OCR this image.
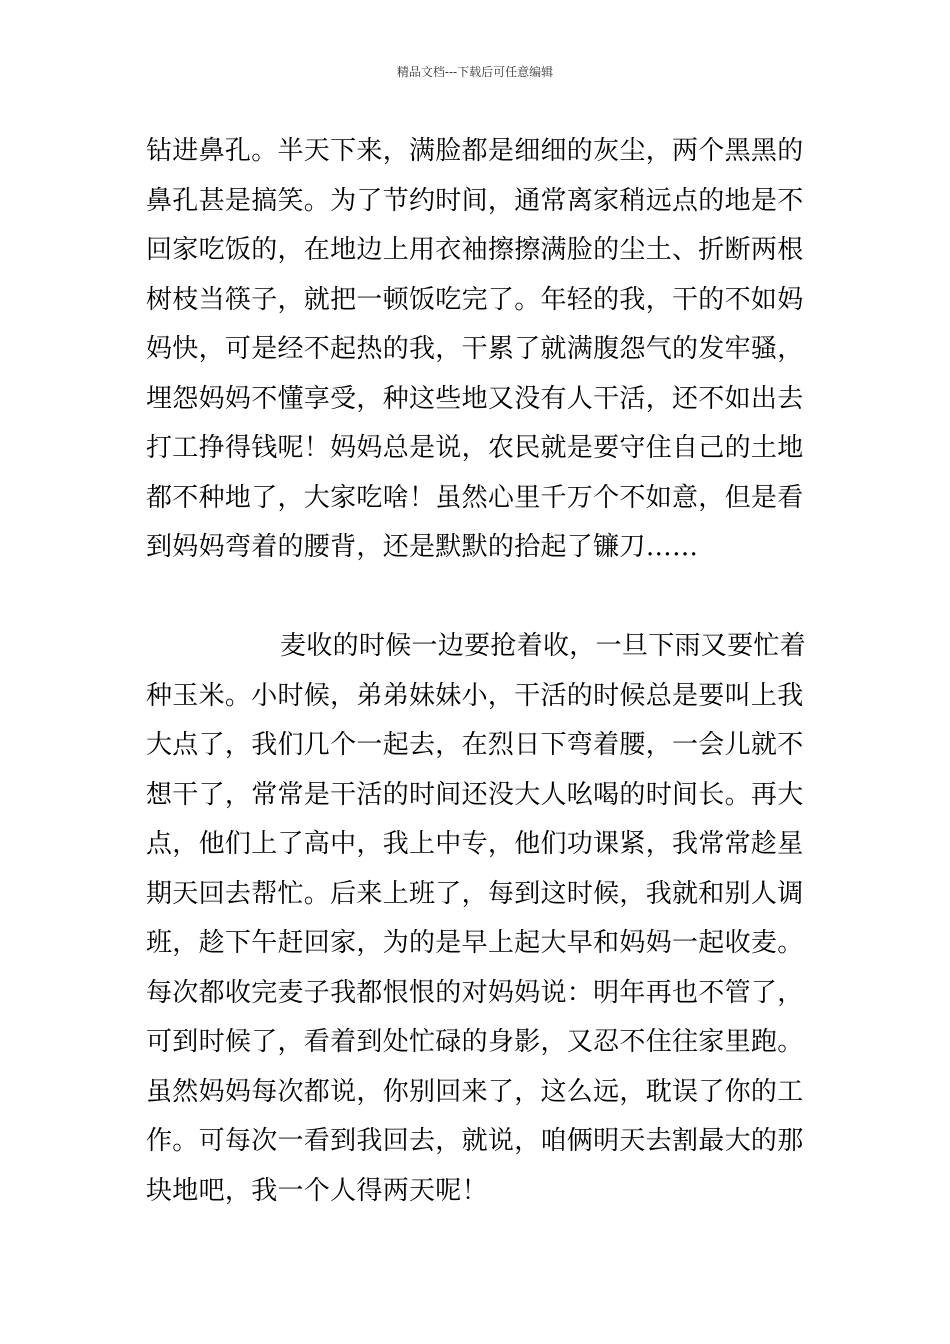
精品文档---下载后可任意编辑
钻进鼻孔。半天下来，满脸都是细细的灰尘，两个黑黑的
鼻孔甚是搞笑。为了节约时间，通常离家稍远点的地是不
回家吃饭的，在地边上用衣袖擦擦满脸的尘土、折断两根
树枝当筷子，就把一顿饭吃完了。年轻的我，干的不如妈
妈快，可是经不起热的我，干累了就满腹怨气的发牢骚，
埋怨妈妈不懂享受，种这些地又没有人干活，还不如出去
打工挣得钱呢！妈妈总是说，农民就是要守住自己的土地
都不种地了，大家吃啥！虽然心里千万个不如意，但是看
到妈妈弯着的腰背，还是默默的拾起了镰刀……
麦收的时候一边要抢着收，一旦下雨又要忙着
种玉米。小时候，弟弟妹妹小，干活的时候总是要叫上我
大点了，我们几个一起去，在烈日下弯着腰，一会儿就不
想干了，常常是干活的时间还没大人吆喝的时间长。再大
点，他们上了高中，我上中专，他们功课紧，我常常趁星
期天回去帮忙。后来上班了，每到这时候，我就和别人调
班，趁下午赶回家，为的是早上起大早和妈妈一起收麦。
每次都收完麦子我都恨恨的对妈妈说：明年再也不管了，
可到时候了，看着到处忙碌的身影，又忍不住往家里跑。
虽然妈妈每次都说，你别回来了，这么远，耽误了你的工
作。可每次一看到我回去，就说，咱俩明天去割最大的那
块地吧，我一个人得两天呢！
